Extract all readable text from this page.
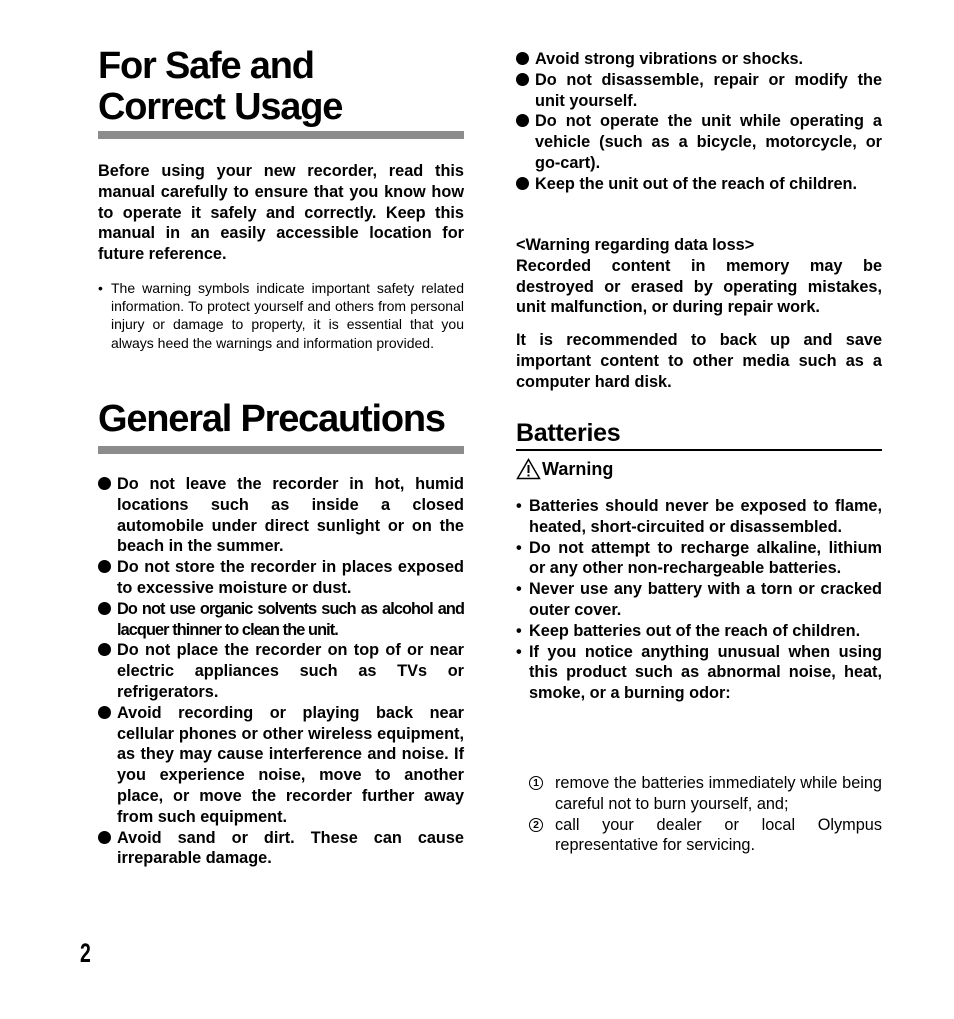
For Safe and
Correct Usage

Before using your new recorder, read this manual carefully to ensure that you know how to operate it safely and correctly. Keep this manual in an easily accessible location for future reference.

• The warning symbols indicate important safety related information. To protect yourself and others from personal injury or damage to property, it is essential that you always heed the warnings and information provided.
General Precautions
Do not leave the recorder in hot, humid locations such as inside a closed automobile under direct sunlight or on the beach in the summer.
Do not store the recorder in places exposed to excessive moisture or dust.
Do not use organic solvents such as alcohol and lacquer thinner to clean the unit.
Do not place the recorder on top of or near electric appliances such as TVs or refrigerators.
Avoid recording or playing back near cellular phones or other wireless equipment, as they may cause interference and noise. If you experience noise, move to another place, or move the recorder further away from such equipment.
Avoid sand or dirt. These can cause irreparable damage.
Avoid strong vibrations or shocks.
Do not disassemble, repair or modify the unit yourself.
Do not operate the unit while operating a vehicle (such as a bicycle, motorcycle, or go-cart).
Keep the unit out of the reach of children.

<Warning regarding data loss>
Recorded content in memory may be destroyed or erased by operating mistakes, unit malfunction, or during repair work.

It is recommended to back up and save important content to other media such as a computer hard disk.

Batteries
Warning
• Batteries should never be exposed to flame, heated, short-circuited or disassembled.
• Do not attempt to recharge alkaline, lithium or any other non-rechargeable batteries.
• Never use any battery with a torn or cracked outer cover.
• Keep batteries out of the reach of children.
• If you notice anything unusual when using this product such as abnormal noise, heat, smoke, or a burning odor:
1 remove the batteries immediately while being careful not to burn yourself, and;
2 call your dealer or local Olympus representative for servicing.
2
